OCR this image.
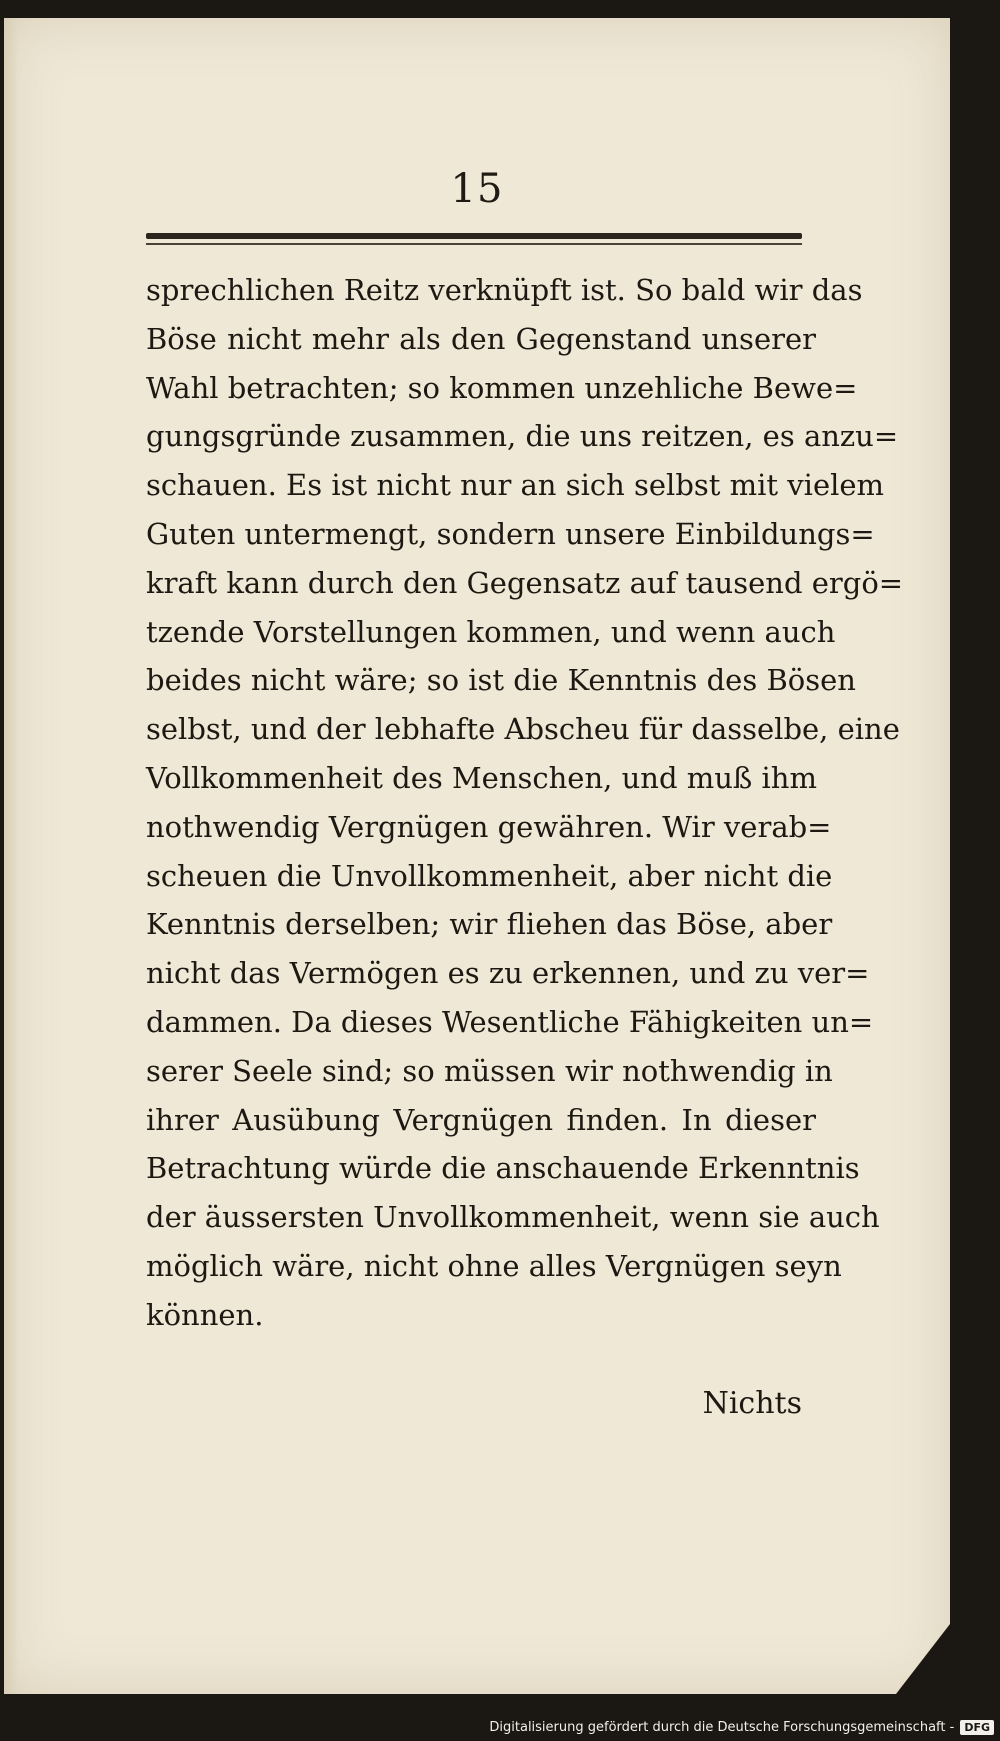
15
sprechlichen Reitz verknüpft ist. So bald wir das
Böse nicht mehr als den Gegenstand unserer
Wahl betrachten; so kommen unzehliche Bewe=
gungsgründe zusammen, die uns reitzen, es anzu=
schauen. Es ist nicht nur an sich selbst mit vielem
Guten untermengt, sondern unsere Einbildungs=
kraft kann durch den Gegensatz auf tausend ergö=
tzende Vorstellungen kommen, und wenn auch
beides nicht wäre; so ist die Kenntnis des Bösen
selbst, und der lebhafte Abscheu für dasselbe, eine
Vollkommenheit des Menschen, und muß ihm
nothwendig Vergnügen gewähren. Wir verab=
scheuen die Unvollkommenheit, aber nicht die
Kenntnis derselben; wir fliehen das Böse, aber
nicht das Vermögen es zu erkennen, und zu ver=
dammen. Da dieses Wesentliche Fähigkeiten un=
serer Seele sind; so müssen wir nothwendig in
ihrer Ausübung Vergnügen finden. In dieser
Betrachtung würde die anschauende Erkenntnis
der äussersten Unvollkommenheit, wenn sie auch
möglich wäre, nicht ohne alles Vergnügen seyn
können.
Nichts
Digitalisierung gefördert durch die Deutsche Forschungsgemeinschaft - DFG
